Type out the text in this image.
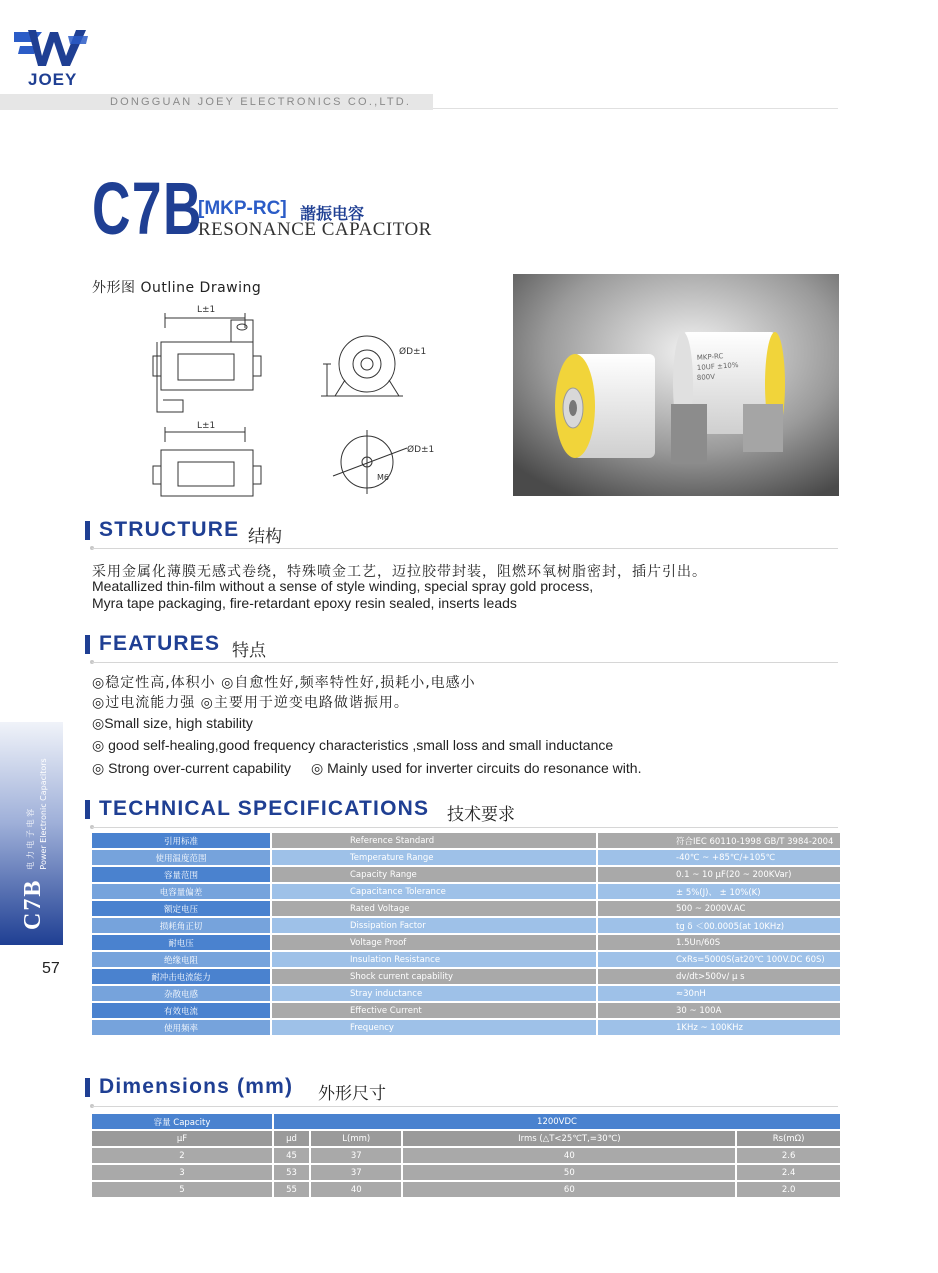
JOEY
DONGGUAN JOEY ELECTRONICS CO.,LTD.
C7B
[MKP-RC] 諧振电容
RESONANCE CAPACITOR
外形图 Outline Drawing
L±1
L±1
ØD±1
ØD±1
M6
MKP-RC
10UF ±10%
800V
STRUCTURE 结构
采用金属化薄膜无感式卷绕，特殊喷金工艺，迈拉胶带封装，阻燃环氧树脂密封，插片引出。
Meatallized thin-film without a sense of style winding, special spray gold process,
Myra tape packaging, fire-retardant epoxy resin sealed, inserts leads
FEATURES 特点
◎稳定性高,体积小 ◎自愈性好,频率特性好,损耗小,电感小
◎过电流能力强 ◎主要用于逆变电路做谐振用。
◎Small size, high stability
◎ good self-healing,good frequency characteristics ,small loss and small inductance
◎ Strong over-current capability ◎ Mainly used for inverter circuits do resonance with.
C7B 电 力 电 子 电 容 Power Electronic Capacitors
57
TECHNICAL SPECIFICATIONS 技术要求
引用标准	Reference Standard	符合IEC 60110-1998 GB/T 3984-2004
使用温度范围	Temperature Range	-40℃ ~ +85℃/+105℃
容量范围	Capacity Range	0.1 ~ 10 μF(20 ~ 200KVar)
电容量偏差	Capacitance Tolerance	± 5%(J)、 ± 10%(K)
额定电压	Rated Voltage	500 ~ 2000V.AC
损耗角正切	Dissipation Factor	tg δ ＜00.0005(at 10KHz)
耐电压	Voltage Proof	1.5Un/60S
绝缘电阻	Insulation Resistance	CxRs=5000S(at20℃ 100V.DC 60S)
耐冲击电流能力	Shock current capability	dv/dt>500v/ μ s
杂散电感	Stray inductance	≈30nH
有效电流	Effective Current	30 ~ 100A
使用频率	Frequency	1KHz ~ 100KHz
Dimensions (mm) 外形尺寸
容量 Capacity	1200VDC			
μF	μd	L(mm)	Irms (△T<25℃T,=30℃)	Rs(mΩ)
2	45	37	40	2.6
3	53	37	50	2.4
5	55	40	60	2.0
